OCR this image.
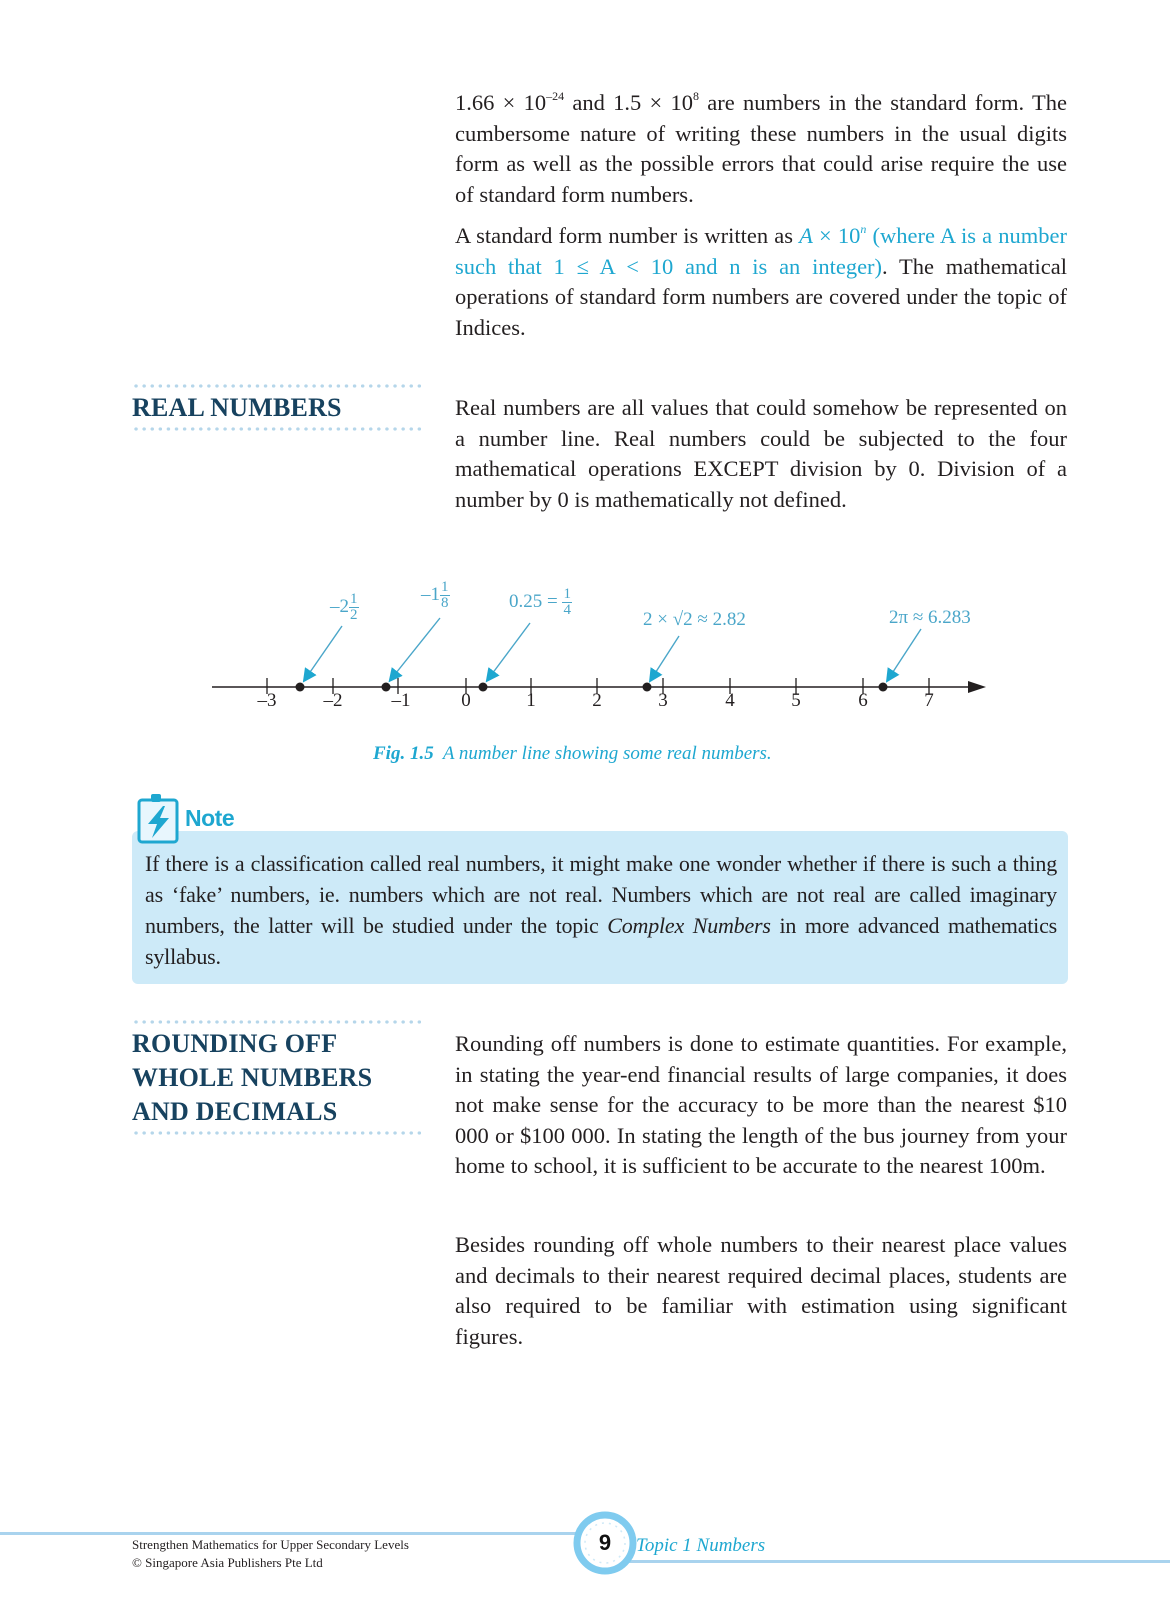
$1.66 \times 10^{-24}$ and $1.5 \times 10^8$ are numbers in the standard form. The cumbersome nature of writing these numbers in the usual digits form as well as the possible errors that could arise require the use of standard form numbers.

A standard form number is written as $A \times 10^n$ (where A is a number such that 1 ≤ A < 10 and n is an integer). The mathematical operations of standard form numbers are covered under the topic of Indices.

REAL NUMBERS	Real numbers are all values that could somehow be represented on a number line. Real numbers could be subjected to the four mathematical operations EXCEPT division by 0. Division of a number by 0 is mathematically not defined.

$-2 \frac{1}{2}$	$-1 \frac{1}{8}$	$0.25 = \frac{1}{4}$
2 × √2 ≈ 2.82	2π ≈ 6.283
–3 –2	–1	0	1	2	3	4	5	6	7
Fig. 1.5 A number line showing some real numbers.
Note
If there is a classification called real numbers, it might make one wonder whether if there is such a thing as ‘fake’ numbers, ie. numbers which are not real. Numbers which are not real are called imaginary numbers, the latter will be studied under the topic Complex Numbers in more advanced mathematics syllabus.
ROUNDING OFF
WHOLE NUMBERS
AND DECIMALS

Rounding off numbers is done to estimate quantities. For example, in stating the year-end financial results of large companies, it does not make sense for the accuracy to be more than the nearest $10 000 or $100 000. In stating the length of the bus journey from your home to school, it is sufficient to be accurate to the nearest 100m.

Besides rounding off whole numbers to their nearest place values and decimals to their nearest required decimal places, students are also required to be familiar with estimation using significant figures.

Strengthen Mathematics for Upper Secondary Levels
© Singapore Asia Publishers Pte Ltd
9	Topic 1 Numbers
